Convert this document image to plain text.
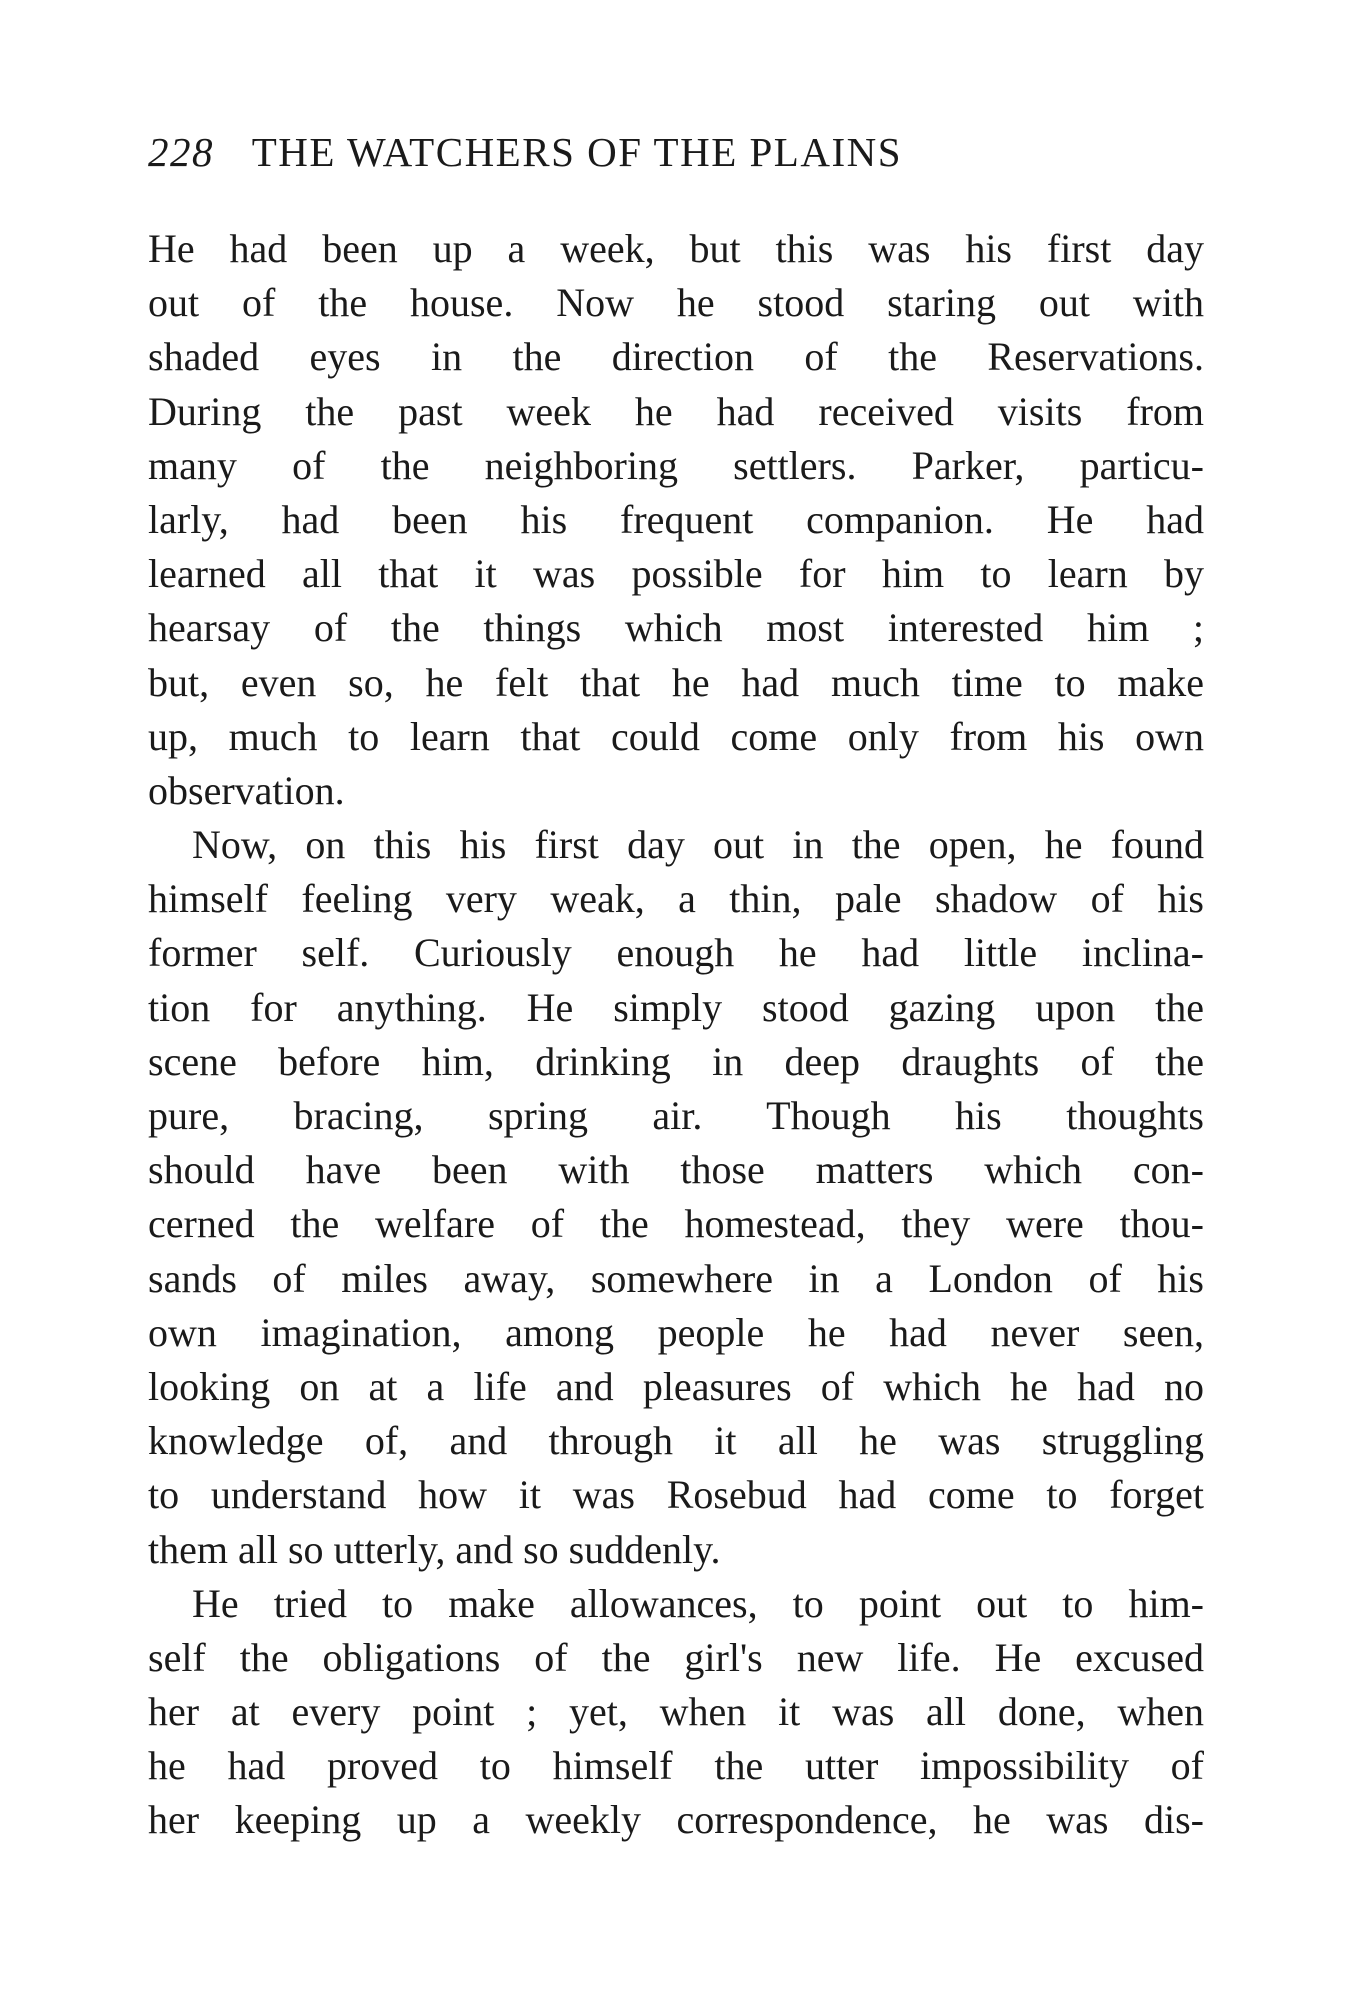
228 THE WATCHERS OF THE PLAINS
He had been up a week, but this was his first day
out of the house. Now he stood staring out with
shaded eyes in the direction of the Reservations.
During the past week he had received visits from
many of the neighboring settlers. Parker, particu-
larly, had been his frequent companion. He had
learned all that it was possible for him to learn by
hearsay of the things which most interested him ;
but, even so, he felt that he had much time to make
up, much to learn that could come only from his own
observation.
Now, on this his first day out in the open, he found
himself feeling very weak, a thin, pale shadow of his
former self. Curiously enough he had little inclina-
tion for anything. He simply stood gazing upon the
scene before him, drinking in deep draughts of the
pure, bracing, spring air. Though his thoughts
should have been with those matters which con-
cerned the welfare of the homestead, they were thou-
sands of miles away, somewhere in a London of his
own imagination, among people he had never seen,
looking on at a life and pleasures of which he had no
knowledge of, and through it all he was struggling
to understand how it was Rosebud had come to forget
them all so utterly, and so suddenly.
He tried to make allowances, to point out to him-
self the obligations of the girl's new life. He excused
her at every point ; yet, when it was all done, when
he had proved to himself the utter impossibility of
her keeping up a weekly correspondence, he was dis-
